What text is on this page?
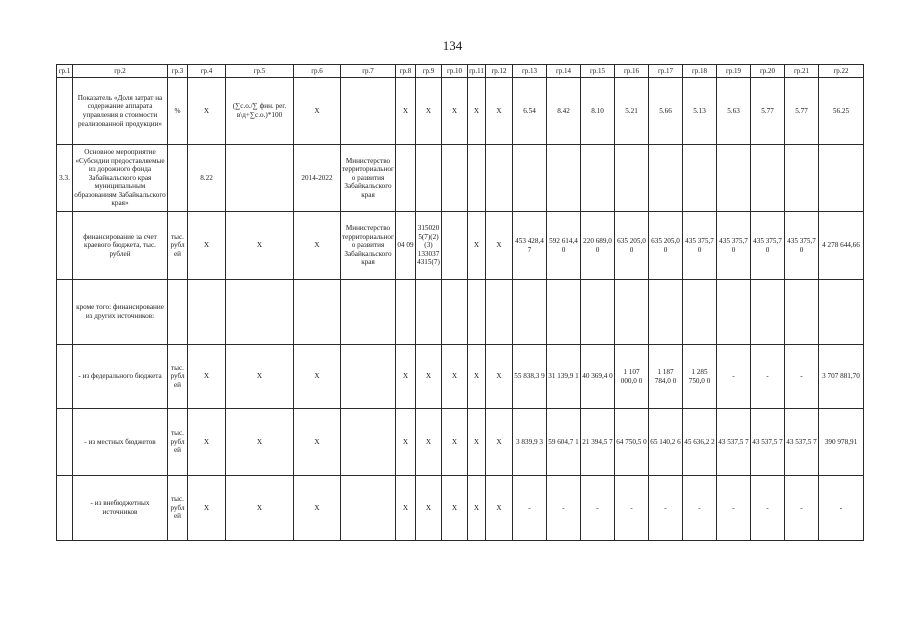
134
гр.1	гр.2	гр.3	гр.4	гр.5	гр.6	гр.7	гр.8	гр.9	гр.10	гр.11	гр.12	гр.13	гр.14	гр.15	гр.16	гр.17	гр.18	гр.19	гр.20	гр.21	гр.22
	Показатель «Доля затрат на содержание аппарата управления в стоимости реализованной продукции»	%	X	(∑с.о./∑ фин. рег. в\д+∑с.о.)*100	X		X	X	X	X	X	6.54	8.42	8.10	5.21	5.66	5.13	5.63	5.77	5.77	56.25
3.3.	Основное мероприятие «Субсидии предоставляемые из дорожного фонда Забайкальского края муниципальным образованиям Забайкальского края»		8.22		2014-2022	Министерство территориального развития Забайкальского края															
	финансирование за счет краевого бюджета, тыс. рублей	тыс. рублей	X	X	X	Министерство территориального развития Забайкальского края	04 09	315020 5(7)(2)(3) 133037 4315(7)		X	X	453 428,4 7	592 614,4 0	220 689,0 0	635 205,0 0	635 205,0 0	435 375,7 0	435 375,7 0	435 375,7 0	435 375,7 0	4 278 644,66
	кроме того: финансирование из других источников:																				
	- из федерального бюджета	тыс. рублей	X	X	X		X	X	X	X	X	55 838,3 9	31 139,9 1	40 369,4 0	1 107 000,0 0	1 187 784,0 0	1 285 750,0 0	-	-	-	3 707 881,70
	- из местных бюджетов	тыс. рублей	X	X	X		X	X	X	X	X	3 839,9 3	59 604,7 1	21 394,5 7	64 750,5 0	65 140,2 6	45 636,2 2	43 537,5 7	43 537,5 7	43 537,5 7	390 978,91
	- из внебюджетных источников	тыс. рублей	X	X	X		X	X	X	X	X	-	-	-	-	-	-	-	-	-	-
